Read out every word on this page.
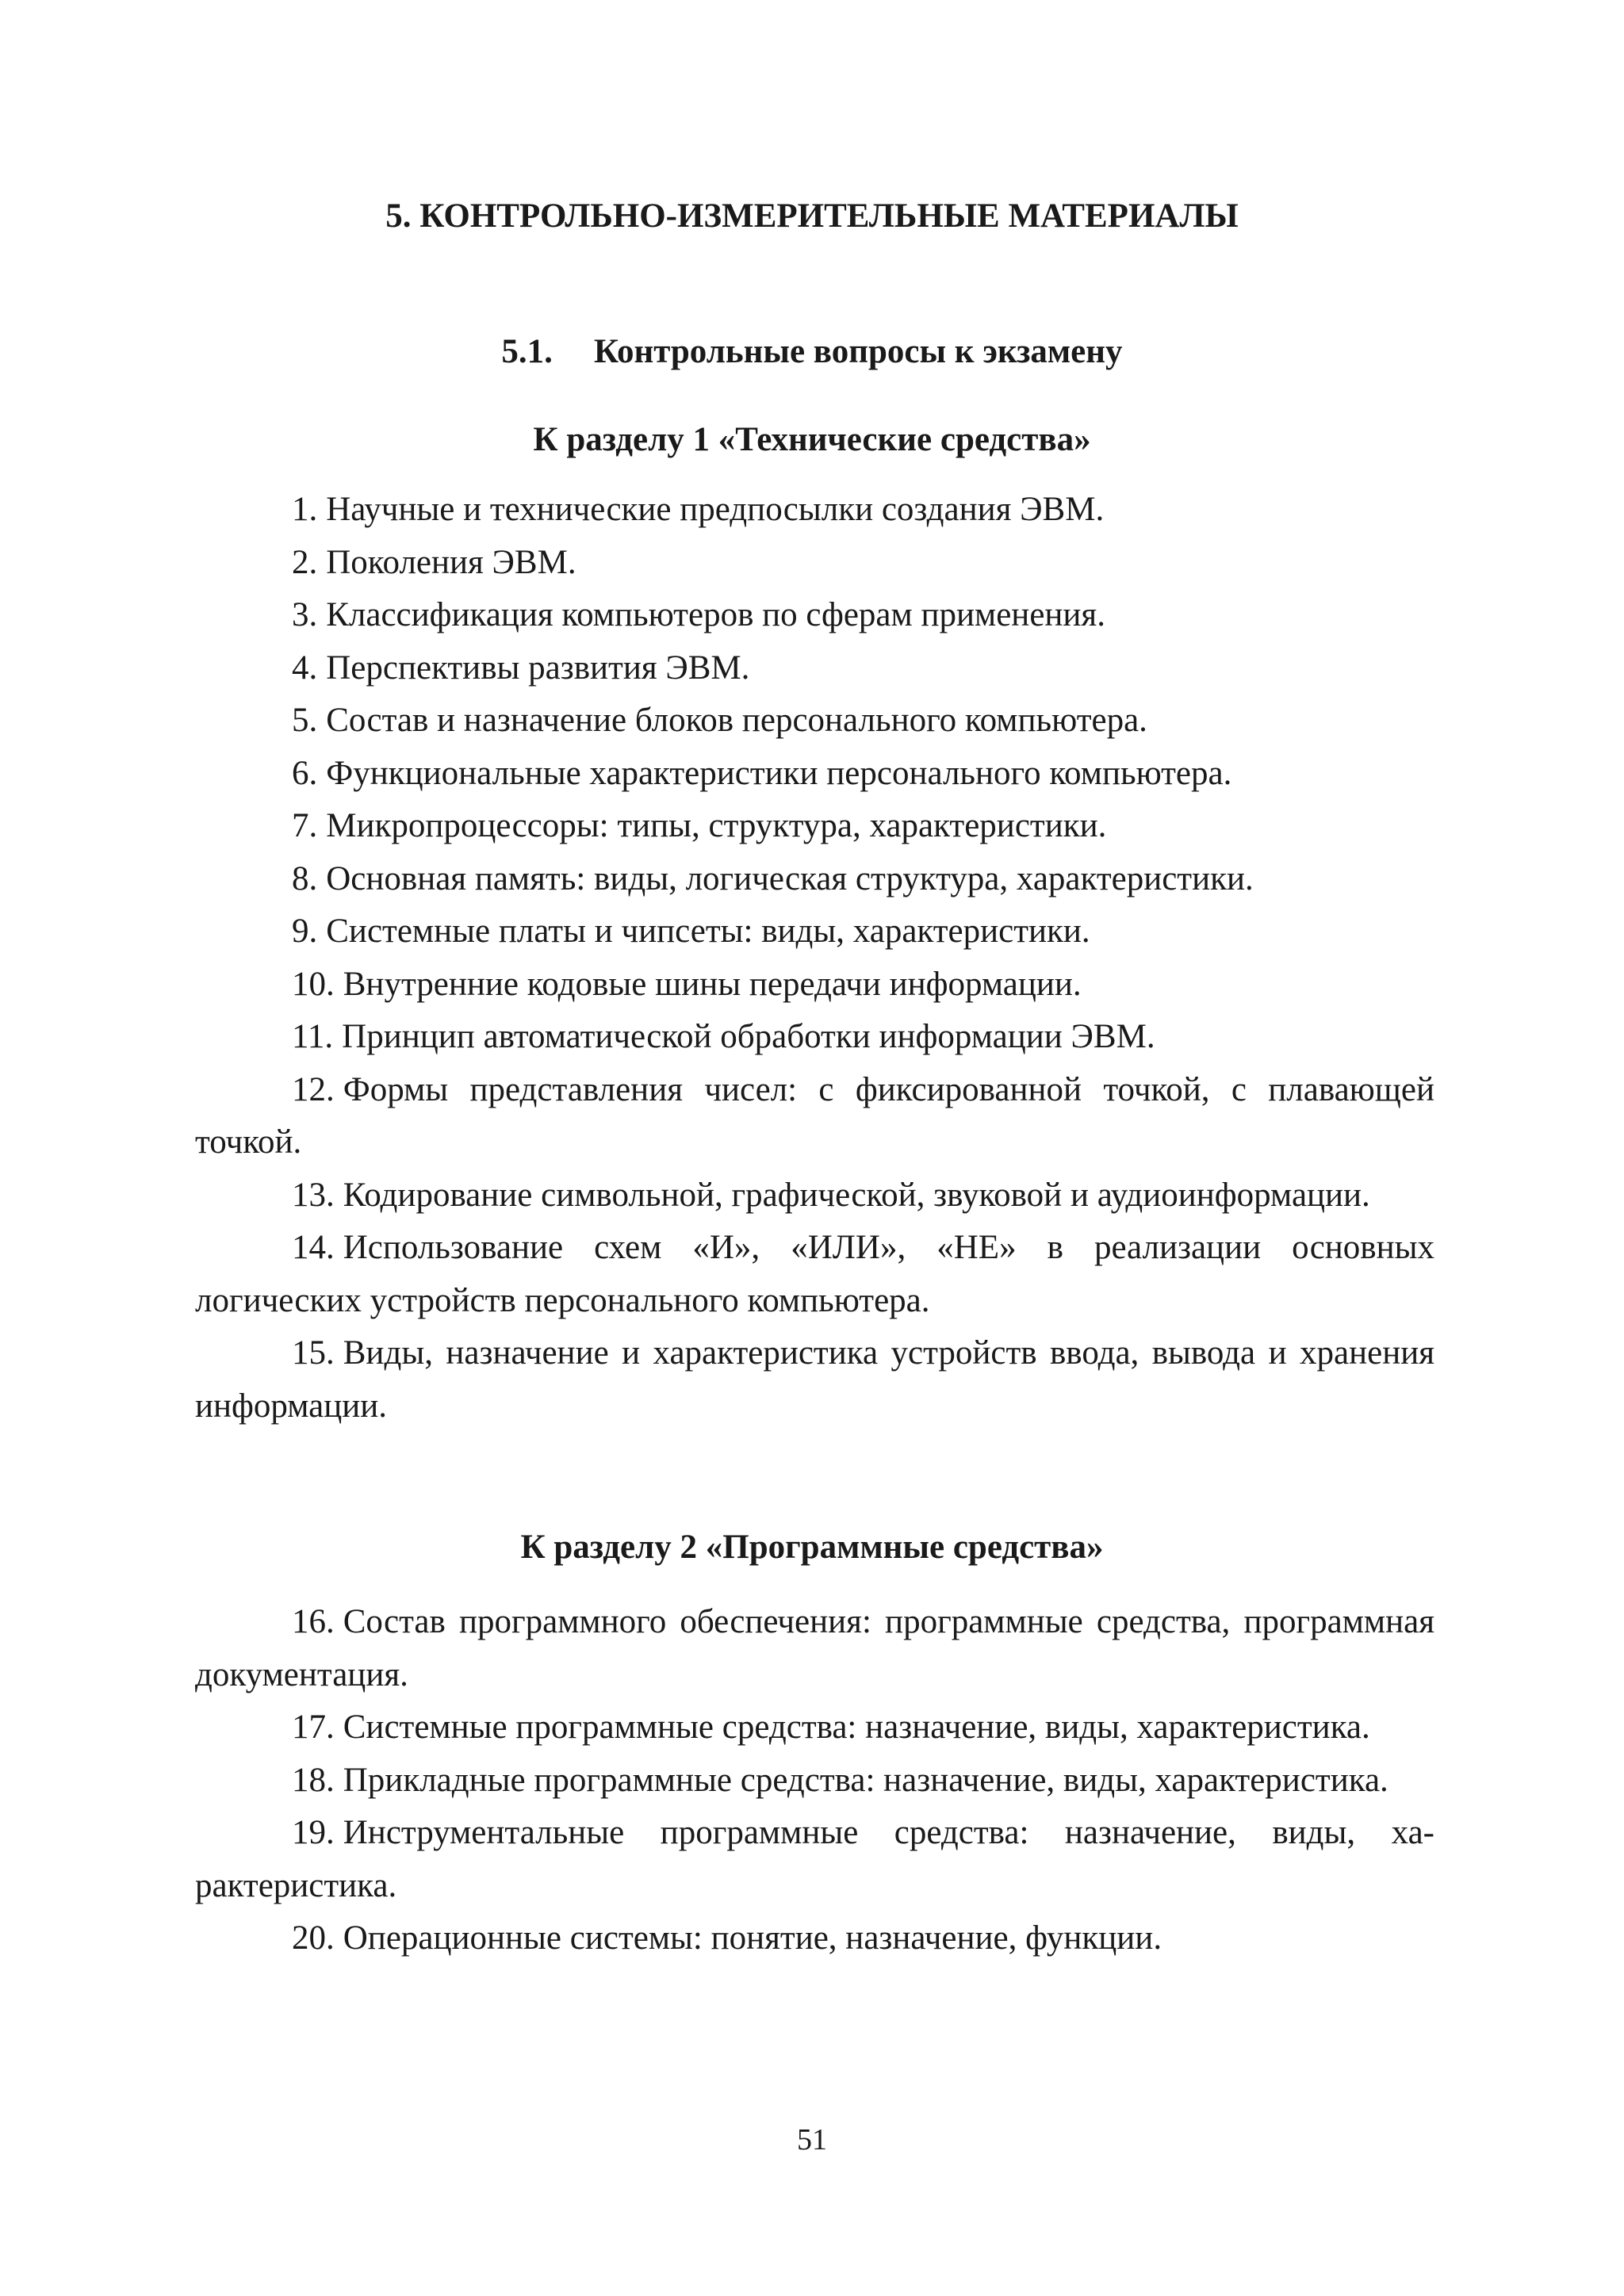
5. КОНТРОЛЬНО-ИЗМЕРИТЕЛЬНЫЕ МАТЕРИАЛЫ
5.1. Контрольные вопросы к экзамену
К разделу 1 «Технические средства»
1. Научные и технические предпосылки создания ЭВМ.
2. Поколения ЭВМ.
3. Классификация компьютеров по сферам применения.
4. Перспективы развития ЭВМ.
5. Состав и назначение блоков персонального компьютера.
6. Функциональные характеристики персонального компьютера.
7. Микропроцессоры: типы, структура, характеристики.
8. Основная память: виды, логическая структура, характеристики.
9. Системные платы и чипсеты: виды, характеристики.
10. Внутренние кодовые шины передачи информации.
11. Принцип автоматической обработки информации ЭВМ.
12. Формы представления чисел: с фиксированной точкой, с плавающей точкой.
13. Кодирование символьной, графической, звуковой и аудиоинформации.
14. Использование схем «И», «ИЛИ», «НЕ» в реализации основных логических устройств персонального компьютера.
15. Виды, назначение и характеристика устройств ввода, вывода и хранения информации.
К разделу 2 «Программные средства»
16. Состав программного обеспечения: программные средства, программная документация.
17. Системные программные средства: назначение, виды, характеристика.
18. Прикладные программные средства: назначение, виды, характеристика.
19. Инструментальные программные средства: назначение, виды, характеристика.
20. Операционные системы: понятие, назначение, функции.
51
